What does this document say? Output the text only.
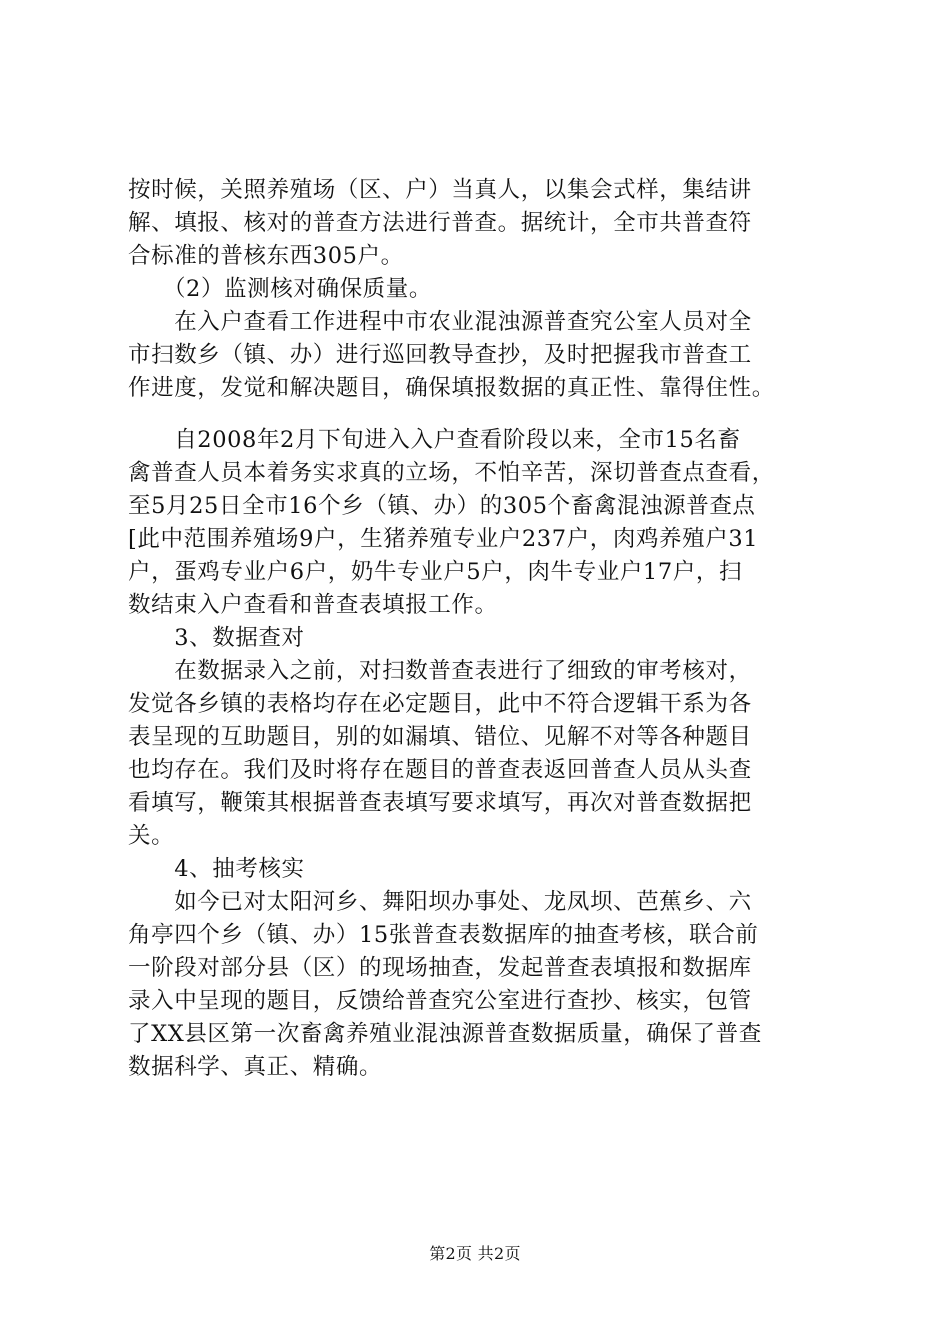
按时候，关照养殖场（区、户）当真人，以集会式样，集结讲
解、填报、核对的普查方法进行普查。据统计，全市共普查符
合标准的普核东西305户。
　　（2）监测核对确保质量。
　　在入户查看工作进程中市农业混浊源普查究公室人员对全
市扫数乡（镇、办）进行巡回教导查抄，及时把握我市普查工
作进度，发觉和解决题目，确保填报数据的真正性、靠得住性。
　　自2008年2月下旬进入入户查看阶段以来，全市15名畜
禽普查人员本着务实求真的立场，不怕辛苦，深切普查点查看，
至5月25日全市16个乡（镇、办）的305个畜禽混浊源普查点
[此中范围养殖场9户，生猪养殖专业户237户，肉鸡养殖户31
户，蛋鸡专业户6户，奶牛专业户5户，肉牛专业户17户，扫
数结束入户查看和普查表填报工作。
　　3、数据查对
　　在数据录入之前，对扫数普查表进行了细致的审考核对，
发觉各乡镇的表格均存在必定题目，此中不符合逻辑干系为各
表呈现的互助题目，别的如漏填、错位、见解不对等各种题目
也均存在。我们及时将存在题目的普查表返回普查人员从头查
看填写，鞭策其根据普查表填写要求填写，再次对普查数据把
关。
　　4、抽考核实
　　如今已对太阳河乡、舞阳坝办事处、龙凤坝、芭蕉乡、六
角亭四个乡（镇、办）15张普查表数据库的抽查考核，联合前
一阶段对部分县（区）的现场抽查，发起普查表填报和数据库
录入中呈现的题目，反馈给普查究公室进行查抄、核实，包管
了XX县区第一次畜禽养殖业混浊源普查数据质量，确保了普查
数据科学、真正、精确。
第2页 共2页
